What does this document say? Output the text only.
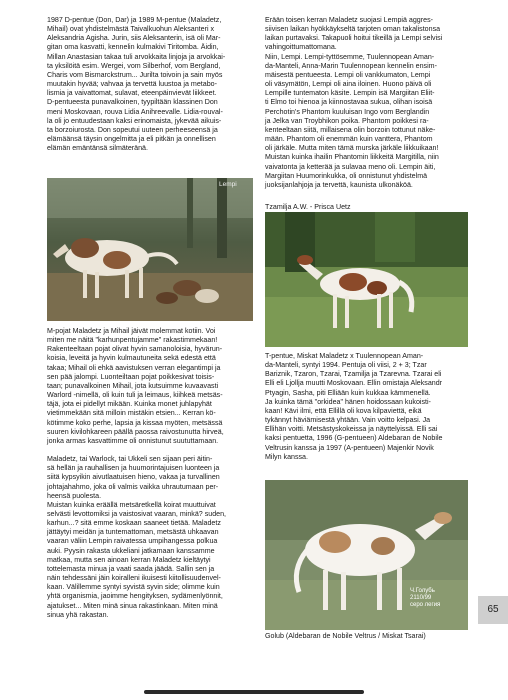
1987 D-pentue (Don, Dar) ja 1989 M-pentue (Maladetz,
Mihail) ovat yhdistelmästä Taivalkuohun Aleksanteri x
Aleksandriа Agisha. Jurin, siis Aleksanterin, isä oli Mar-
gitan oma kasvatti, kennelin kulmakivi Tiritomba. Äidin,
Millan Anastasian takaa tuli arvokkaita linjoja ja arvokkai-
ta yksilöitä esim. Wergei, vom Silberhof, vom Bergland,
Charis vom Bismarckstrum... Jurilta toivoin ja sain myös
muutakin hyvää; vahvaa ja tervettä luustoa ja metabo-
lismia ja vaivattomat, sulavat, eteenpäinvievät liikkeet.
D-pentueesta punavalkoinen, tyypiltään klassinen Don
meni Moskovaan, rouva Lidia Anihreevalle. Lidia-rouval-
la oli jo entuudestaan kaksi erinomaista, jykevää aikuis-
ta borzoiurosta. Don sopeutui uuteen perheeseensä ja
elämäänsä täysin ongelmitta ja eli pitkän ja onnellisen
elämän emäntänsä silmäteränä.

Lempi

M-pojat Maladetz ja Mihail jäivät molemmat kotiin. Voi
miten me näitä "karhunpentujamme" rakastimmekaan!
Rakenteeltaan pojat olivat hyvin samanoloisia, hyvärun-
koisia, leveitä ja hyvin kulmautuneita sekä edestä että
takaa; Mihail oli ehkä aavistuksen verran elegantimpi ja
sen pää jalompi. Luonteiltaan pojat poikkesivat toisis-
taan; punavalkoinen Mihail, jota kutsuimme kuvaavasti
Warlord -nimellä, oli kuin tuli ja leimaus, kiihkeä metsäs-
täjä, jota ei pidellyt mikään. Kuinka monet juhlapyhät
vietimmekään sitä milloin mistäkin etsien... Kerran kö-
kötimme koko perhe, lapsia ja kissaa myöten, metsässä
suuren kivilohkareen päällä paossa raivostunutta hirveä,
jonka armas kasvattimme oli onnistunut suututtamaan.

Maladetz, tai Warlock, tai Ukkeli sen sijaan peri äitin-
sä hellän ja rauhallisen ja huumorintajuisen luonteen ja
siitä kypsyikin aivutlaatuisen hieno, vakaa ja turvallinen
johtajahahmo, joka oli valmis vaikka uhrautumaan per-
heensä puolesta.
Muistan kuinka eräällä metsäretkellä koirat muuttuivat
selvästi levottomiksi ja vaistosivat vaaran, minkä? suden,
karhun...? sitä emme koskaan saaneet tietää. Maladetz
jättäytyi meidän ja tuntemattoman, metsästä uhkaavan
vaaran väliin Lempin raivatessa umpihangessa polkua
auki. Pyysin rakasta ukkeliani jatkamaan kanssamme
matkaa, mutta sen ainoan kerran Maladetz kieltäytyi
tottelemasta minua ja vaati saada jäädä. Sallin sen ja
näin tehdessäni jäin koiralleni ikuisesti kiitollisuudenvel-
kaan. Välillemme syntyi syvistä syvin side; olimme kuin
yhtä organismia, jaoimme hengityksen, sydämenlyönnit,
ajatukset... Miten minä sinua rakastinkaan. Miten minä
sinua yhä rakastan.

Erään toisen kerran Maladetz suojasi Lempiä aggres-
siivisen laikan hyökkäykseltä tarjoten oman takalistonsa
laikan purtavaksi. Takapuoli hoitui tikeillä ja Lempi selvisi
vahingoittumattomana.
Niin, Lempi. Lempi-tyttösemme, Tuulennopean Aman-
da-Manteli, Anna-Marin Tuulennopean kennelin ensim-
mäisestä pentueesta. Lempi oli vankkumaton, Lempi
oli väsymätön, Lempi oli aina iloinen. Huono päivä oli
Lempille tuntematon käsite. Lempin isä Margiitan Eliit-
ti Elmo toi hienoa ja kiinnostavaa sukua, olihan isoisä
Perchotin's Phantom kuuluisan Ingo vom Berglandin
ja Jelka van Troybhikon poika. Phantom poikkesi ra-
kenteeltaan siitä, millaisena olin borzoin tottunut näke-
mään. Phantom oli enemmän kuin vanttera, Phantom
oli järkäle. Mutta miten tämä murska järkäle liikkuikaan!
Muistan kuinka ihailin Phantomin liikkeitä Margitilla, niin
vaivatonta ja ketterää ja sulavaa meno oli. Lempin äiti,
Margiitan Huumorinkukka, oli onnistunut yhdistelmä
juoksijanlahjoja ja tervettä, kaunista ulkonäköä.

Tzamilja A.W. - Prisca Uetz

T-pentue, Miskat Maladetz x Tuulennopean Aman-
da-Manteli, syntyi 1994. Pentuja oli viisi, 2 + 3; Tzar
Bariznik, Tzaron, Tzarai, Tzamilja ja Tzarevna. Tzarai eli
Elli eli Ljollja muutti Moskovaan. Ellin omistaja Aleksandr
Ptyagin, Sasha, piti Elliään kuin kukkaa kämmenellä.
Ja kuinka tämä "orkidea" hänen hoidossaan kukoisti-
kaan! Kävi ilmi, että Ellillä oli kova kilpaviettä, eikä
tykännyt häviämisestä yhtään. Vain voitto kelpasi. Ja
Ellihän voitti. Metsästyskokeissa ja näyttelyissä. Elli sai
kaksi pentuetta, 1996 (G-pentueen) Aldebaran de Nobile
Veltrusin kanssa ja 1997 (A-pentueen) Majenkir Novik
Milyn kanssa.

Ч.Голубь
2110/99
серо легия
Golub (Aldebaran de Nobile Veltrus / Miskat Tsarai)
65
